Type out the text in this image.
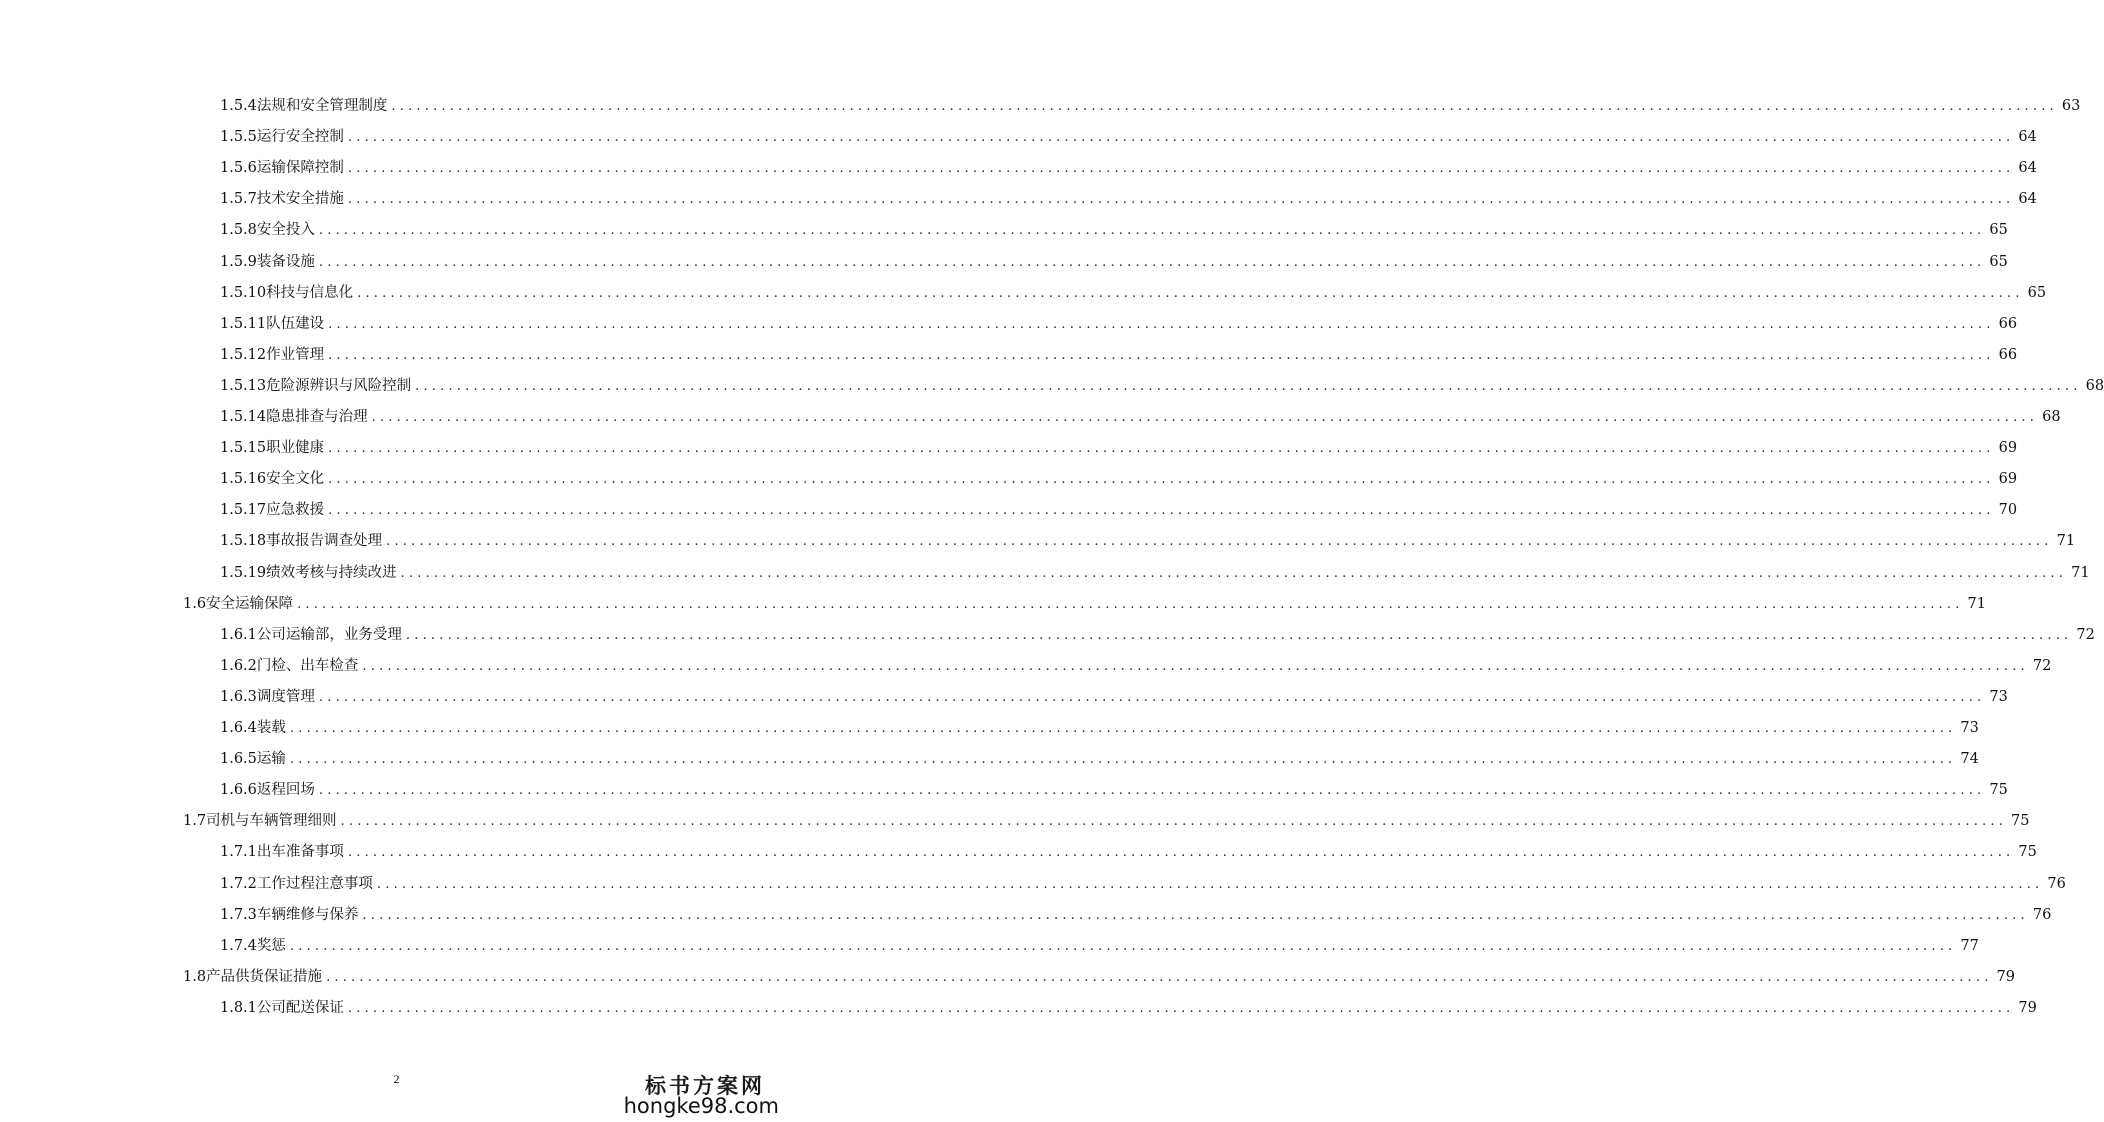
1.5.4法规和安全管理制度 ........................................................................................................................................................................................................ 63
1.5.5运行安全控制 ........................................................................................................................................................................................................ 64
1.5.6运输保障控制 ........................................................................................................................................................................................................ 64
1.5.7技术安全措施 ........................................................................................................................................................................................................ 64
1.5.8安全投入 ........................................................................................................................................................................................................ 65
1.5.9装备设施 ........................................................................................................................................................................................................ 65
1.5.10科技与信息化 ........................................................................................................................................................................................................ 65
1.5.11队伍建设 ........................................................................................................................................................................................................ 66
1.5.12作业管理 ........................................................................................................................................................................................................ 66
1.5.13危险源辨识与风险控制 ........................................................................................................................................................................................................ 68
1.5.14隐患排查与治理 ........................................................................................................................................................................................................ 68
1.5.15职业健康 ........................................................................................................................................................................................................ 69
1.5.16安全文化 ........................................................................................................................................................................................................ 69
1.5.17应急救援 ........................................................................................................................................................................................................ 70
1.5.18事故报告调查处理 ........................................................................................................................................................................................................ 71
1.5.19绩效考核与持续改进 ........................................................................................................................................................................................................ 71
1.6安全运输保障 ........................................................................................................................................................................................................ 71
1.6.1公司运输部，业务受理 ........................................................................................................................................................................................................ 72
1.6.2门检、出车检查 ........................................................................................................................................................................................................ 72
1.6.3调度管理 ........................................................................................................................................................................................................ 73
1.6.4装载 ........................................................................................................................................................................................................ 73
1.6.5运输 ........................................................................................................................................................................................................ 74
1.6.6返程回场 ........................................................................................................................................................................................................ 75
1.7司机与车辆管理细则 ........................................................................................................................................................................................................ 75
1.7.1出车准备事项 ........................................................................................................................................................................................................ 75
1.7.2工作过程注意事项 ........................................................................................................................................................................................................ 76
1.7.3车辆维修与保养 ........................................................................................................................................................................................................ 76
1.7.4奖惩 ........................................................................................................................................................................................................ 77
1.8产品供货保证措施 ........................................................................................................................................................................................................ 79
1.8.1公司配送保证 ........................................................................................................................................................................................................ 79
2	标书方案网
hongke98.com
